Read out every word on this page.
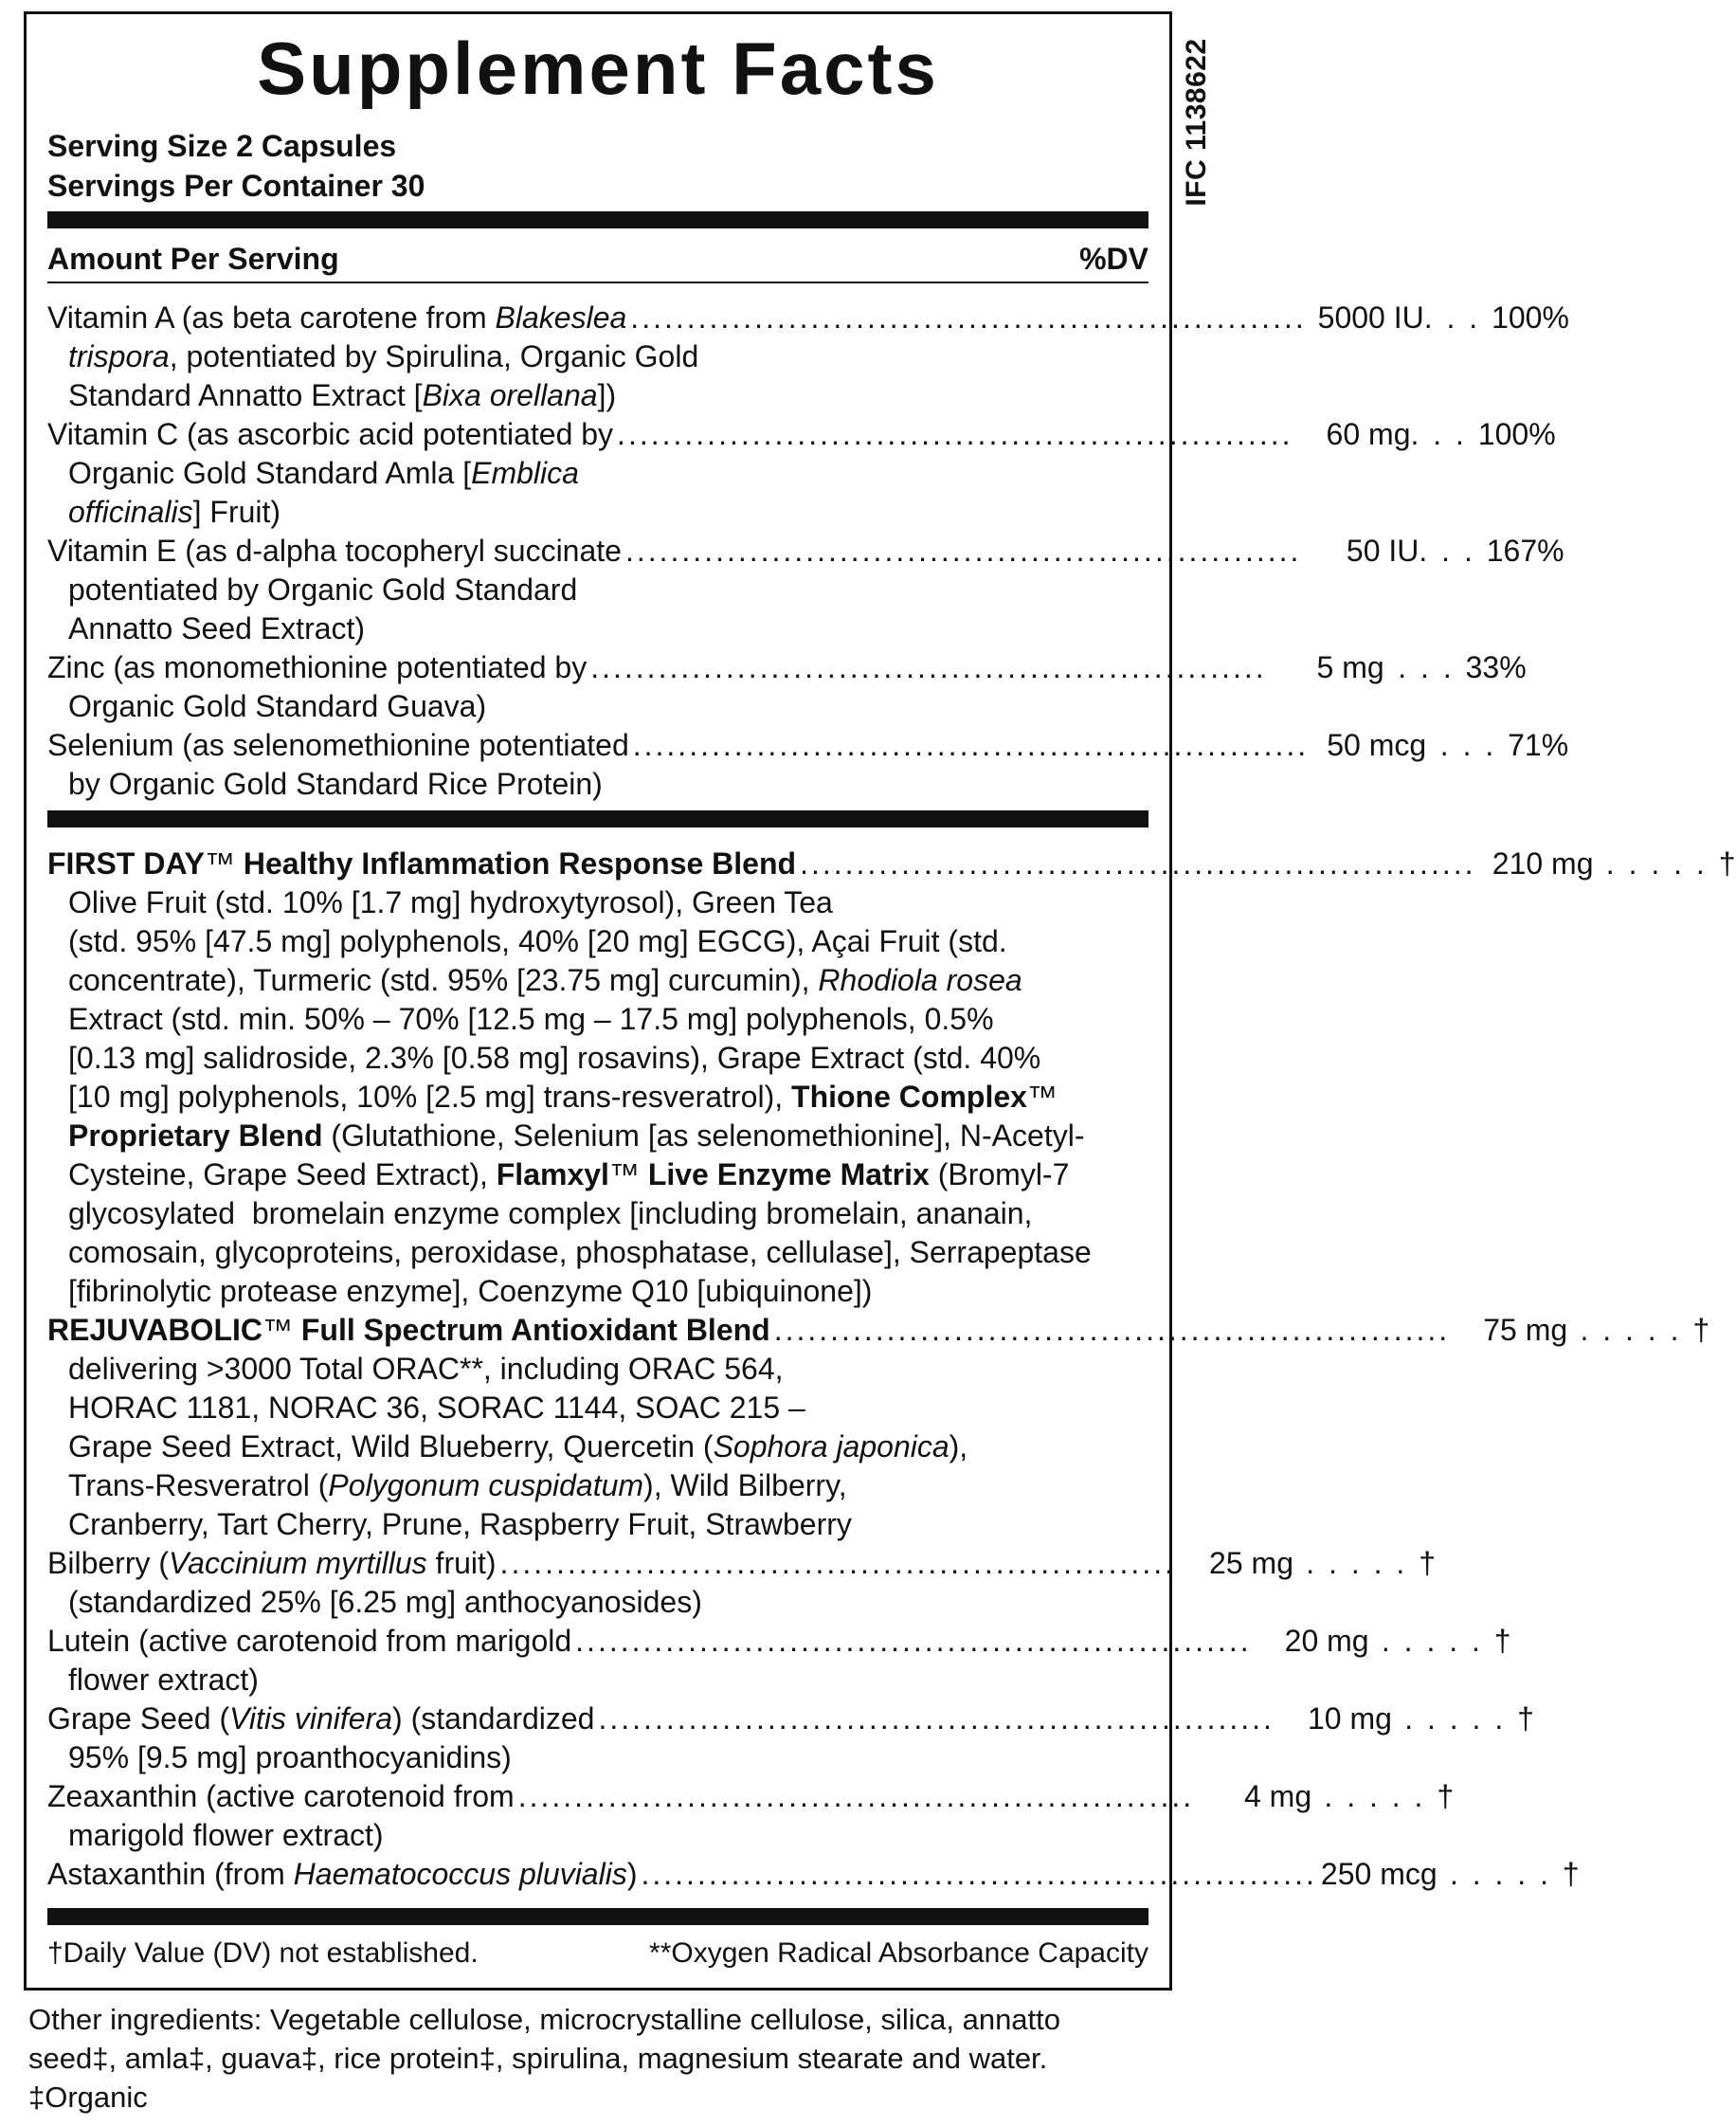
IFC 1138622
Supplement Facts
Serving Size 2 Capsules
Servings Per Container 30
Amount Per Serving	%DV
Vitamin A (as beta carotene from Blakeslea ............................................................ 5000 IU . . . 100%
trispora, potentiated by Spirulina, Organic Gold
Standard Annatto Extract [Bixa orellana])
Vitamin C (as ascorbic acid potentiated by ............................................................	60 mg . . . 100%
Organic Gold Standard Amla [Emblica
officinalis] Fruit)
Vitamin E (as d-alpha tocopheryl succinate ............................................................	50 IU . . . 167%
potentiated by Organic Gold Standard
Annatto Seed Extract)
Zinc (as monomethionine potentiated by ............................................................	5 mg . . . 33%
Organic Gold Standard Guava)
Selenium (as selenomethionine potentiated ............................................................ 50 mcg . . . 71%
by Organic Gold Standard Rice Protein)
FIRST DAY™ Healthy Inflammation Response Blend ............................................................ 210 mg . . . . . †
Olive Fruit (std. 10% [1.7 mg] hydroxytyrosol), Green Tea
(std. 95% [47.5 mg] polyphenols, 40% [20 mg] EGCG), Açai Fruit (std.
concentrate), Turmeric (std. 95% [23.75 mg] curcumin), Rhodiola rosea
Extract (std. min. 50% – 70% [12.5 mg – 17.5 mg] polyphenols, 0.5%
[0.13 mg] salidroside, 2.3% [0.58 mg] rosavins), Grape Extract (std. 40%
[10 mg] polyphenols, 10% [2.5 mg] trans-resveratrol), Thione Complex™
Proprietary Blend (Glutathione, Selenium [as selenomethionine], N-Acetyl-
Cysteine, Grape Seed Extract), Flamxyl™ Live Enzyme Matrix (Bromyl-7
glycosylated  bromelain enzyme complex [including bromelain, ananain,
comosain, glycoproteins, peroxidase, phosphatase, cellulase], Serrapeptase
[fibrinolytic protease enzyme], Coenzyme Q10 [ubiquinone])
REJUVABOLIC™ Full Spectrum Antioxidant Blend ............................................................	75 mg . . . . . †
delivering >3000 Total ORAC**, including ORAC 564,
HORAC 1181, NORAC 36, SORAC 1144, SOAC 215 –
Grape Seed Extract, Wild Blueberry, Quercetin (Sophora japonica),
Trans-Resveratrol (Polygonum cuspidatum), Wild Bilberry,
Cranberry, Tart Cherry, Prune, Raspberry Fruit, Strawberry
Bilberry (Vaccinium myrtillus fruit) ............................................................	25 mg . . . . . †
(standardized 25% [6.25 mg] anthocyanosides)
Lutein (active carotenoid from marigold ............................................................	20 mg . . . . . †
flower extract)
Grape Seed (Vitis vinifera) (standardized ............................................................	10 mg . . . . . †
95% [9.5 mg] proanthocyanidins)
Zeaxanthin (active carotenoid from ............................................................	4 mg . . . . . †
marigold flower extract)
Astaxanthin (from Haematococcus pluvialis) ............................................................ 250 mcg . . . . . †
†Daily Value (DV) not established.	**Oxygen Radical Absorbance Capacity
Other ingredients: Vegetable cellulose, microcrystalline cellulose, silica, annatto
seed‡, amla‡, guava‡, rice protein‡, spirulina, magnesium stearate and water.
‡Organic
